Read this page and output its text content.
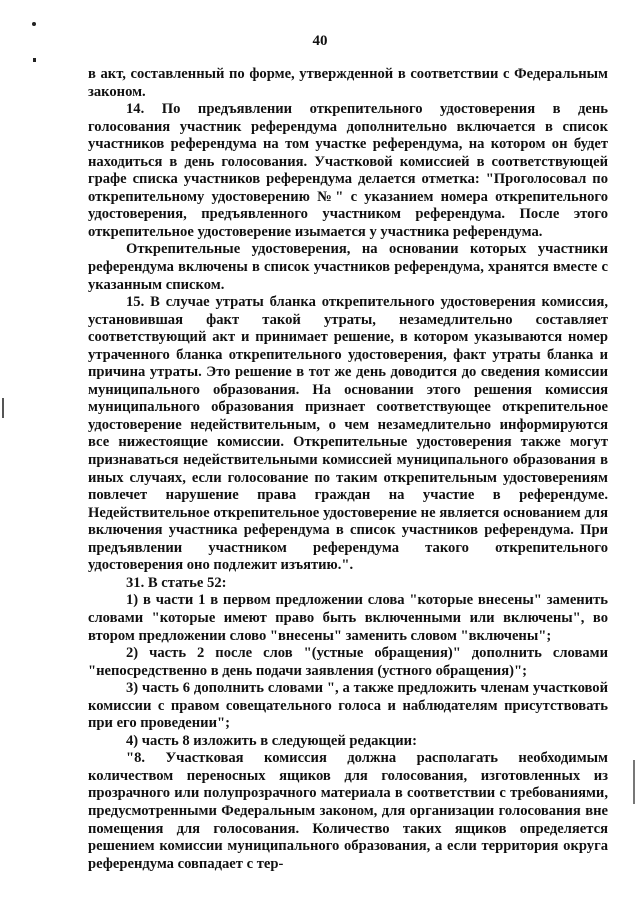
40

в акт, составленный по форме, утвержденной в соответствии с Федеральным законом.

14. По предъявлении открепительного удостоверения в день голосования участник референдума дополнительно включается в список участников референдума на том участке референдума, на котором он будет находиться в день голосования. Участковой комиссией в соответствующей графе списка участников референдума делается отметка: "Проголосовал по открепительному удостоверению №" с указанием номера открепительного удостоверения, предъявленного участником референдума. После этого открепительное удостоверение изымается у участника референдума.

Открепительные удостоверения, на основании которых участники референдума включены в список участников референдума, хранятся вместе с указанным списком.

15. В случае утраты бланка открепительного удостоверения комиссия, установившая факт такой утраты, незамедлительно составляет соответствующий акт и принимает решение, в котором указываются номер утраченного бланка открепительного удостоверения, факт утраты бланка и причина утраты. Это решение в тот же день доводится до сведения комиссии муниципального образования. На основании этого решения комиссия муниципального образования признает соответствующее открепительное удостоверение недействительным, о чем незамедлительно информируются все нижестоящие комиссии. Открепительные удостоверения также могут признаваться недействительными комиссией муниципального образования в иных случаях, если голосование по таким открепительным удостоверениям повлечет нарушение права граждан на участие в референдуме. Недействительное открепительное удостоверение не является основанием для включения участника референдума в список участников референдума. При предъявлении участником референдума такого открепительного удостоверения оно подлежит изъятию.".

31. В статье 52:

1) в части 1 в первом предложении слова "которые внесены" заменить словами "которые имеют право быть включенными или включены", во втором предложении слово "внесены" заменить словом "включены";

2) часть 2 после слов "(устные обращения)" дополнить словами "непосредственно в день подачи заявления (устного обращения)";

3) часть 6 дополнить словами ", а также предложить членам участковой комиссии с правом совещательного голоса и наблюдателям присутствовать при его проведении";

4) часть 8 изложить в следующей редакции:

"8. Участковая комиссия должна располагать необходимым количеством переносных ящиков для голосования, изготовленных из прозрачного или полупрозрачного материала в соответствии с требованиями, предусмотренными Федеральным законом, для организации голосования вне помещения для голосования. Количество таких ящиков определяется решением комиссии муниципального образования, а если территория округа референдума совпадает с тер-
